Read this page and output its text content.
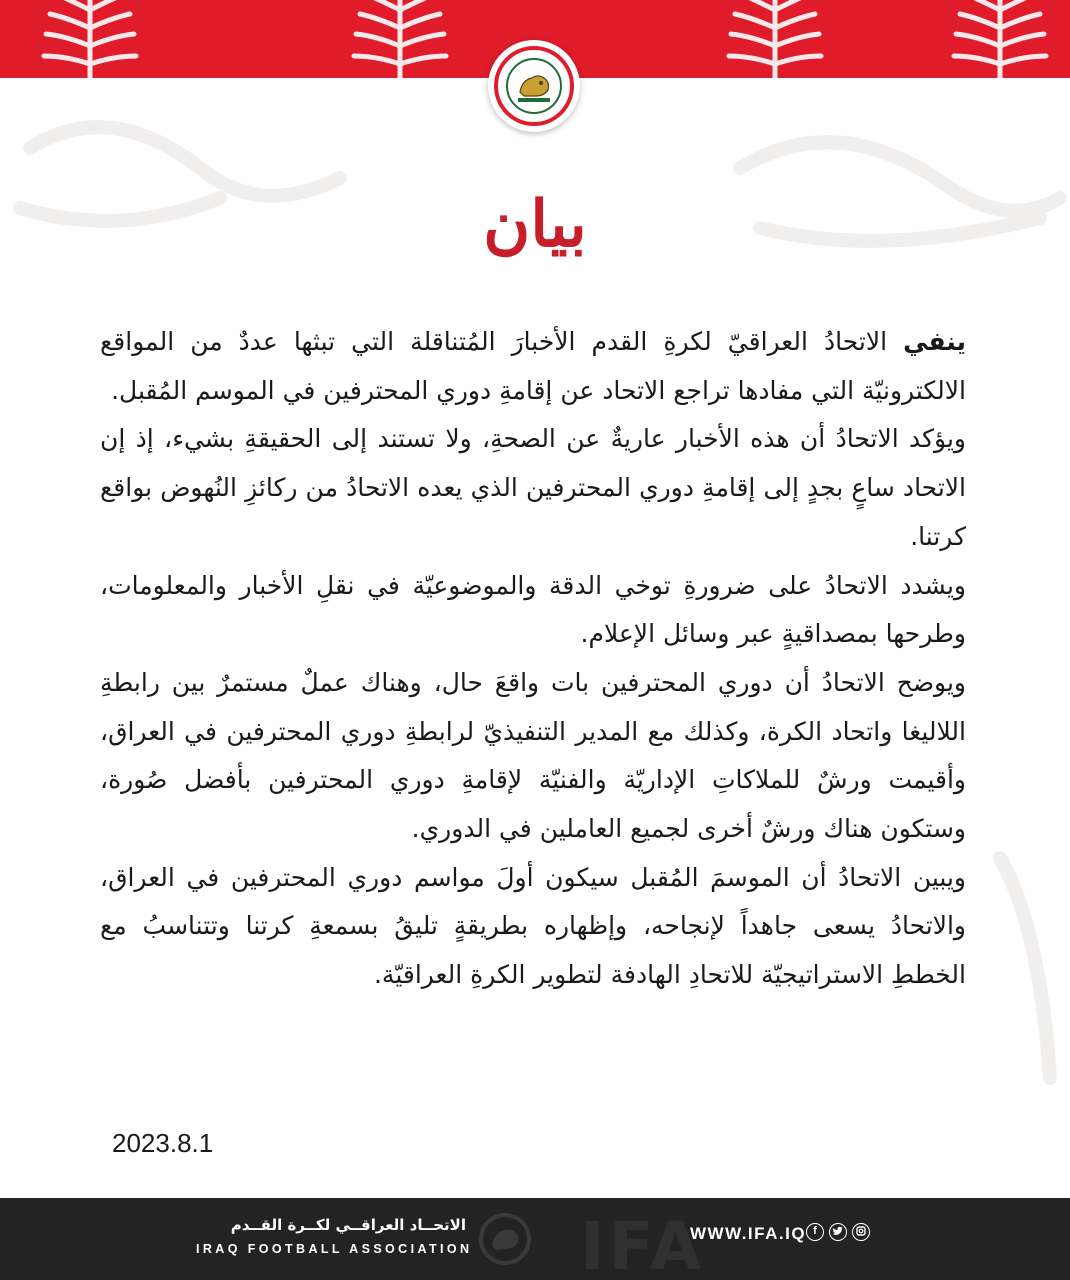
بيان

ينفي الاتحادُ العراقيّ لكرةِ القدم الأخبارَ المُتناقلة التي تبثها عددٌ من المواقع الالكترونيّة التي مفادها تراجع الاتحاد عن إقامةِ دوري المحترفين في الموسم المُقبل.

ويؤكد الاتحادُ أن هذه الأخبار عاريةٌ عن الصحةِ، ولا تستند إلى الحقيقةِ بشيء، إذ إن الاتحاد ساعٍ بجدٍ إلى إقامةِ دوري المحترفين الذي يعده الاتحادُ من ركائزِ النُهوض بواقع كرتنا.

ويشدد الاتحادُ على ضرورةِ توخي الدقة والموضوعيّة في نقلِ الأخبار والمعلومات، وطرحها بمصداقيةٍ عبر وسائل الإعلام.

ويوضح الاتحادُ أن دوري المحترفين بات واقعَ حال، وهناك عملٌ مستمرٌ بين رابطةِ اللاليغا واتحاد الكرة، وكذلك مع المدير التنفيذيّ لرابطةِ دوري المحترفين في العراق، وأقيمت ورشٌ للملاكاتِ الإداريّة والفنيّة لإقامةِ دوري المحترفين بأفضل صُورة، وستكون هناك ورشٌ أخرى لجميع العاملين في الدوري.

ويبين الاتحادُ أن الموسمَ المُقبل سيكون أولَ مواسم دوري المحترفين في العراق، والاتحادُ يسعى جاهداً لإنجاحه، وإظهاره بطريقةٍ تليقُ بسمعةِ كرتنا وتتناسبُ مع الخططِ الاستراتيجيّة للاتحادِ الهادفة لتطوير الكرةِ العراقيّة.

2023.8.1
IFA
الاتحــاد العراقــي لكــرة القــدم
IRAQ FOOTBALL ASSOCIATION
WWW.IFA.IQ f
